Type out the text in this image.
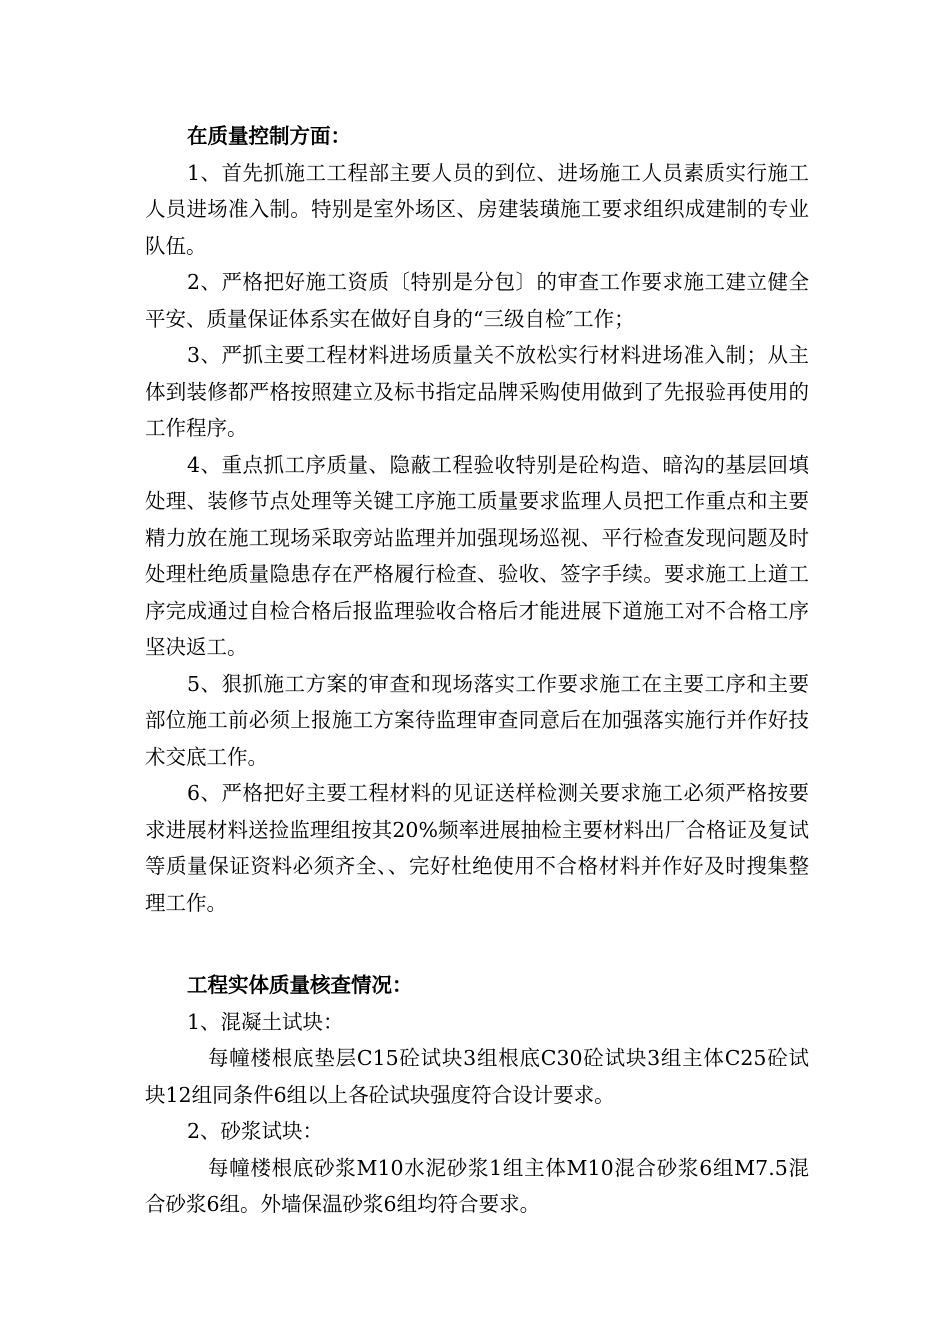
在质量控制方面：

1、首先抓施工工程部主要人员的到位、进场施工人员素质实行施工人员进场准入制。特别是室外场区、房建装璜施工要求组织成建制的专业队伍。

2、严格把好施工资质〔特别是分包〕的审查工作要求施工建立健全平安、质量保证体系实在做好自身的“三级自检″工作；

3、严抓主要工程材料进场质量关不放松实行材料进场准入制；从主体到装修都严格按照建立及标书指定品牌采购使用做到了先报验再使用的工作程序。

4、重点抓工序质量、隐蔽工程验收特别是砼构造、暗沟的基层回填处理、装修节点处理等关键工序施工质量要求监理人员把工作重点和主要精力放在施工现场采取旁站监理并加强现场巡视、平行检查发现问题及时处理杜绝质量隐患存在严格履行检查、验收、签字手续。要求施工上道工序完成通过自检合格后报监理验收合格后才能进展下道施工对不合格工序坚决返工。

5、狠抓施工方案的审查和现场落实工作要求施工在主要工序和主要部位施工前必须上报施工方案待监理审查同意后在加强落实施行并作好技术交底工作。

6、严格把好主要工程材料的见证送样检测关要求施工必须严格按要求进展材料送捡监理组按其20%频率进展抽检主要材料出厂合格证及复试等质量保证资料必须齐全、、完好杜绝使用不合格材料并作好及时搜集整理工作。

工程实体质量核查情况：

1、混凝土试块：

每幢楼根底垫层C15砼试块3组根底C30砼试块3组主体C25砼试块12组同条件6组以上各砼试块强度符合设计要求。

2、砂浆试块：

每幢楼根底砂浆M10水泥砂浆1组主体M10混合砂浆6组M7.5混合砂浆6组。外墙保温砂浆6组均符合要求。
